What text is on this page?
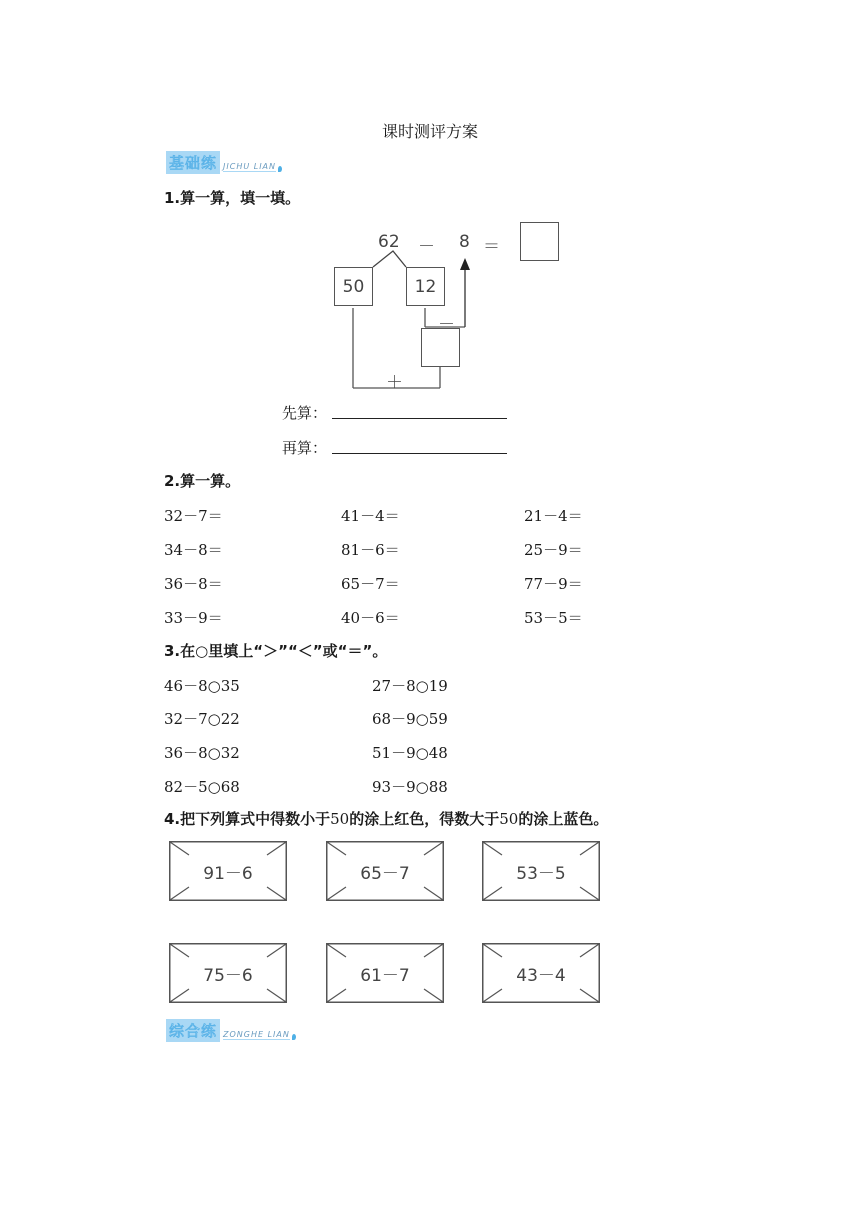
课时测评方案
基础练 JICHU LIAN
1.算一算，填一填。
62 － 8 ＝
50	12
－
＋
先算：
再算：
2.算一算。
32－7＝	41－4＝	21－4＝
34－8＝	81－6＝	25－9＝
36－8＝	65－7＝	77－9＝
33－9＝	40－6＝	53－5＝
3.在○里填上“＞”“＜”或“＝”。
46－8○35	27－8○19
32－7○22	68－9○59
36－8○32	51－9○48
82－5○68	93－9○88
4.把下列算式中得数小于50的涂上红色，得数大于50的涂上蓝色。
91－6	65－7	53－5
75－6	61－7	43－4
综合练 ZONGHE LIAN
